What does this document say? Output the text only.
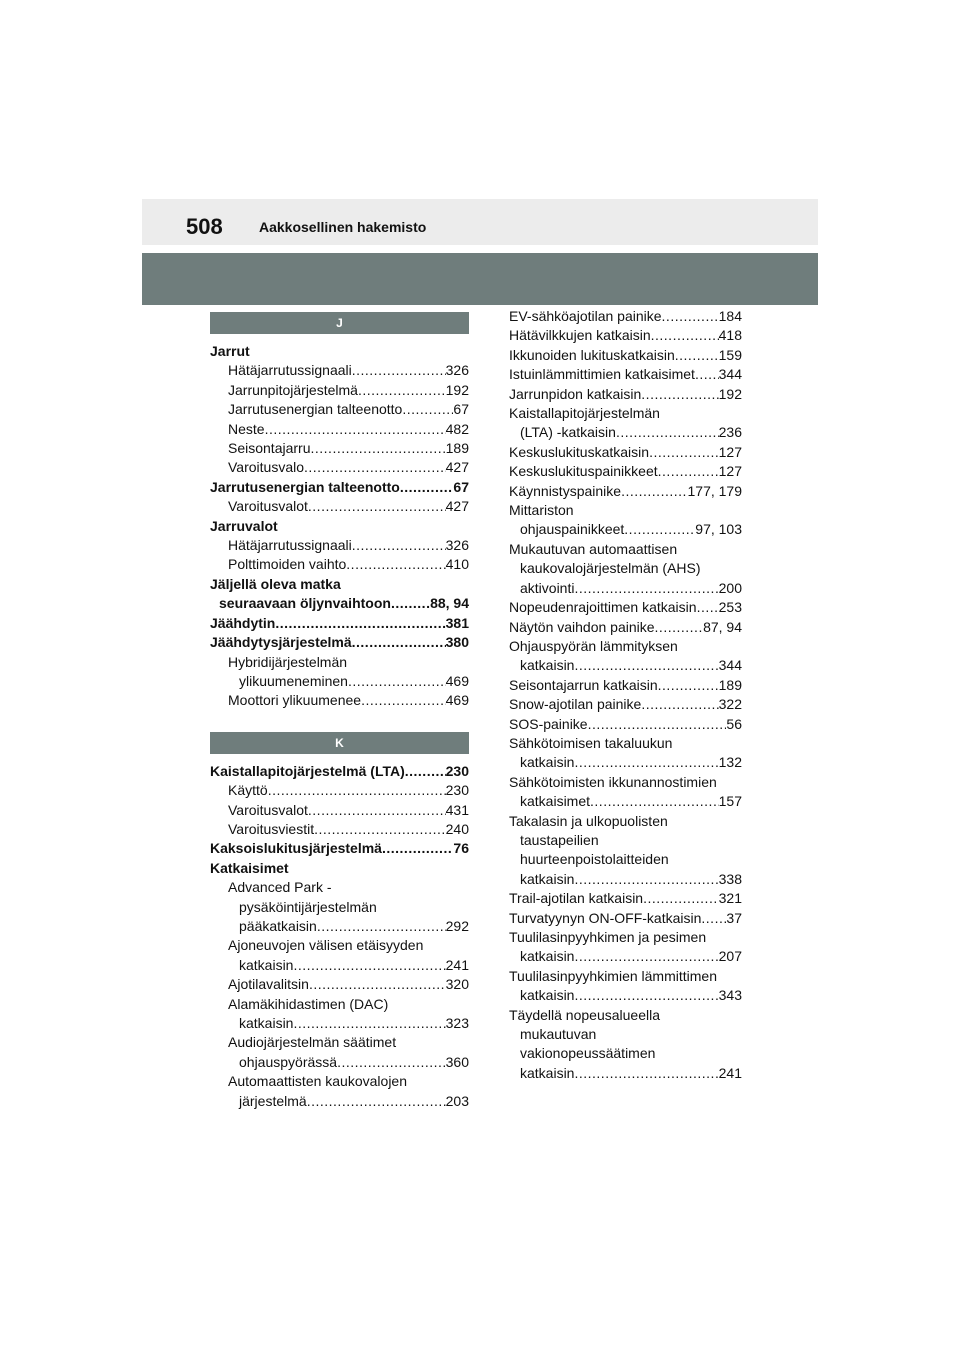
508	Aakkosellinen hakemisto
J
Jarrut
Hätäjarrutussignaali .....	326
Jarrunpitojärjestelmä .....	192
Jarrutusenergian talteenotto .....	67
Neste .....	482
Seisontajarru .....	189
Varoitusvalo .....	427
Jarrutusenergian talteenotto .....	67
Varoitusvalot .....	427
Jarruvalot
Hätäjarrutussignaali .....	326
Polttimoiden vaihto .....	410
Jäljellä oleva matka
seuraavaan öljynvaihtoon .....	88, 94
Jäähdytin .....	381
Jäähdytysjärjestelmä .....	380
Hybridijärjestelmän
ylikuumeneminen .....	469
Moottori ylikuumenee .....	469
K
Kaistallapitojärjestelmä (LTA) .....	230
Käyttö .....	230
Varoitusvalot .....	431
Varoitusviestit .....	240
Kaksoislukitusjärjestelmä .....	76
Katkaisimet
Advanced Park -
pysäköintijärjestelmän
pääkatkaisin .....	292
Ajoneuvojen välisen etäisyyden
katkaisin .....	241
Ajotilavalitsin .....	320
Alamäkihidastimen (DAC)
katkaisin .....	323
Audiojärjestelmän säätimet
ohjauspyörässä .....	360
Automaattisten kaukovalojen
järjestelmä .....	203
EV-sähköajotilan painike .....	184
Hätävilkkujen katkaisin .....	418
Ikkunoiden lukituskatkaisin .....	159
Istuinlämmittimien katkaisimet ..... 344
Jarrunpidon katkaisin .....	192
Kaistallapitojärjestelmän
(LTA) -katkaisin .....	236
Keskuslukituskatkaisin .....	127
Keskuslukituspainikkeet .....	127
Käynnistyspainike .....	177, 179
Mittariston
ohjauspainikkeet .....	97, 103
Mukautuvan automaattisen
kaukovalojärjestelmän (AHS)
aktivointi .....	200
Nopeudenrajoittimen katkaisin ..... 253
Näytön vaihdon painike .....	87, 94
Ohjauspyörän lämmityksen
katkaisin .....	344
Seisontajarrun katkaisin .....	189
Snow-ajotilan painike .....	322
SOS-painike .....	56
Sähkötoimisen takaluukun
katkaisin .....	132
Sähkötoimisten ikkunannostimien
katkaisimet .....	157
Takalasin ja ulkopuolisten
taustapeilien
huurteenpoistolaitteiden
katkaisin .....	338
Trail-ajotilan katkaisin .....	321
Turvatyynyn ON-OFF-katkaisin ..... 37
Tuulilasinpyyhkimen ja pesimen
katkaisin .....	207
Tuulilasinpyyhkimien lämmittimen
katkaisin .....	343
Täydellä nopeusalueella
mukautuvan
vakionopeussäätimen
katkaisin .....	241
